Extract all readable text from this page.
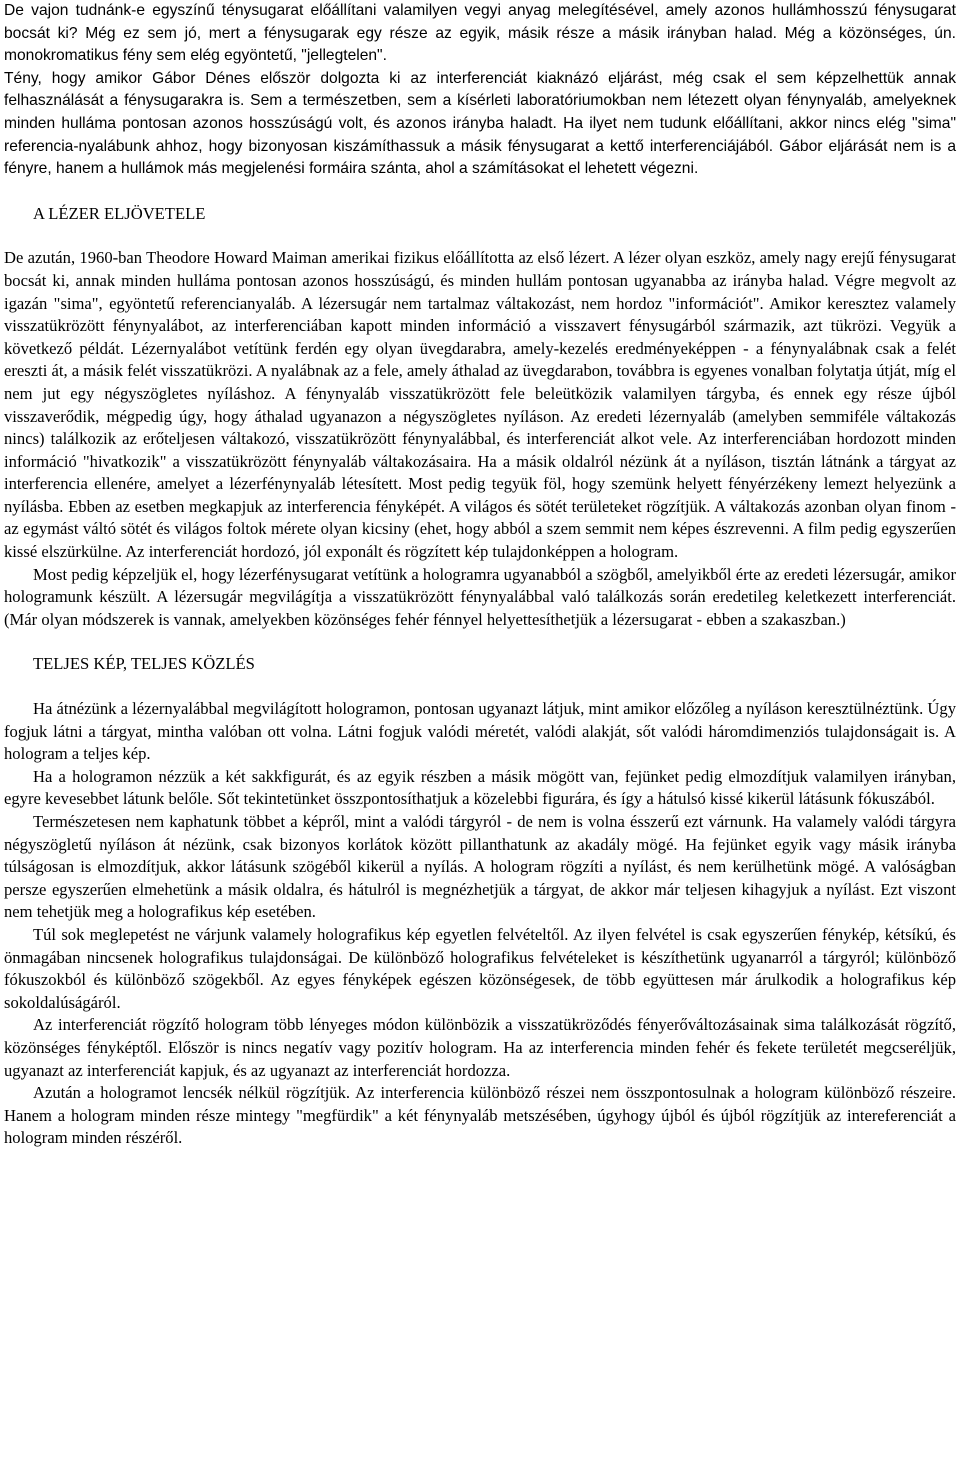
De vajon tudnánk-e egyszínű ténysugarat előállítani valamilyen vegyi anyag melegítésével, amely azonos hullámhosszú fénysugarat bocsát ki? Még ez sem jó, mert a fénysugarak egy része az egyik, másik része a másik irányban halad. Még a közönséges, ún. monokromatikus fény sem elég egyöntetű, "jellegtelen".

Tény, hogy amikor Gábor Dénes először dolgozta ki az interferenciát kiaknázó eljárást, még csak el sem képzelhettük annak felhasználását a fénysugarakra is. Sem a természetben, sem a kísérleti laboratóriumokban nem létezett olyan fénynyaláb, amelyeknek minden hulláma pontosan azonos hosszúságú volt, és azonos irányba haladt. Ha ilyet nem tudunk előállítani, akkor nincs elég "sima" referencia-nyalábunk ahhoz, hogy bizonyosan kiszámíthassuk a másik fénysugarat a kettő interferenciájából. Gábor eljárását nem is a fényre, hanem a hullámok más megjelenési formáira szánta, ahol a számításokat el lehetett végezni.

A LÉZER ELJÖVETELE

De azután, 1960-ban Theodore Howard Maiman amerikai fizikus előállította az első lézert. A lézer olyan eszköz, amely nagy erejű fénysugarat bocsát ki, annak minden hulláma pontosan azonos hosszúságú, és minden hullám pontosan ugyanabba az irányba halad. Végre megvolt az igazán "sima", egyöntetű referencianyaláb. A lézersugár nem tartalmaz váltakozást, nem hordoz "információt". Amikor keresztez valamely visszatükrözött fénynyalábot, az interferenciában kapott minden információ a visszavert fénysugárból származik, azt tükrözi. Vegyük a következő példát. Lézernyalábot vetítünk ferdén egy olyan üvegdarabra, amely-kezelés eredményeképpen - a fénynyalábnak csak a felét ereszti át, a másik felét visszatükrözi. A nyalábnak az a fele, amely áthalad az üvegdarabon, továbbra is egyenes vonalban folytatja útját, míg el nem jut egy négyszögletes nyíláshoz. A fénynyaláb visszatükrözött fele beleütközik valamilyen tárgyba, és ennek egy része újból visszaverődik, mégpedig úgy, hogy áthalad ugyanazon a négyszögletes nyíláson. Az eredeti lézernyaláb (amelyben semmiféle váltakozás nincs) találkozik az erőteljesen váltakozó, visszatükrözött fénynyalábbal, és interferenciát alkot vele. Az interferenciában hordozott minden információ "hivatkozik" a visszatükrözött fénynyaláb váltakozásaira. Ha a másik oldalról nézünk át a nyíláson, tisztán látnánk a tárgyat az interferencia ellenére, amelyet a lézerfénynyaláb létesített. Most pedig tegyük föl, hogy szemünk helyett fényérzékeny lemezt helyezünk a nyílásba. Ebben az esetben megkapjuk az interferencia fényképét. A világos és sötét területeket rögzítjük. A váltakozás azonban olyan finom - az egymást váltó sötét és világos foltok mérete olyan kicsiny (ehet, hogy abból a szem semmit nem képes észrevenni. A film pedig egyszerűen kissé elszürkülne. Az interferenciát hordozó, jól exponált és rögzített kép tulajdonképpen a hologram.

Most pedig képzeljük el, hogy lézerfénysugarat vetítünk a hologramra ugyanabból a szögből, amelyikből érte az eredeti lézersugár, amikor hologramunk készült. A lézersugár megvilágítja a visszatükrözött fénynyalábbal való találkozás során eredetileg keletkezett interferenciát. (Már olyan módszerek is vannak, amelyekben közönséges fehér fénnyel helyettesíthetjük a lézersugarat - ebben a szakaszban.)

TELJES KÉP, TELJES KÖZLÉS

Ha átnézünk a lézernyalábbal megvilágított hologramon, pontosan ugyanazt látjuk, mint amikor előzőleg a nyíláson keresztülnéztünk. Úgy fogjuk látni a tárgyat, mintha valóban ott volna. Látni fogjuk valódi méretét, valódi alakját, sőt valódi háromdimenziós tulajdonságait is. A hologram a teljes kép.

Ha a hologramon nézzük a két sakkfigurát, és az egyik részben a másik mögött van, fejünket pedig elmozdítjuk valamilyen irányban, egyre kevesebbet látunk belőle. Sőt tekintetünket összpontosíthatjuk a közelebbi figurára, és így a hátulsó kissé kikerül látásunk fókuszából.

Természetesen nem kaphatunk többet a képről, mint a valódi tárgyról - de nem is volna ésszerű ezt várnunk. Ha valamely valódi tárgyra négyszögletű nyíláson át nézünk, csak bizonyos korlátok között pillanthatunk az akadály mögé. Ha fejünket egyik vagy másik irányba túlságosan is elmozdítjuk, akkor látásunk szögéből kikerül a nyílás. A hologram rögzíti a nyílást, és nem kerülhetünk mögé. A valóságban persze egyszerűen elmehetünk a másik oldalra, és hátulról is megnézhetjük a tárgyat, de akkor már teljesen kihagyjuk a nyílást. Ezt viszont nem tehetjük meg a holografikus kép esetében.

Túl sok meglepetést ne várjunk valamely holografikus kép egyetlen felvételtől. Az ilyen felvétel is csak egyszerűen fénykép, kétsíkú, és önmagában nincsenek holografikus tulajdonságai. De különböző holografikus felvételeket is készíthetünk ugyanarról a tárgyról; különböző fókuszokból és különböző szögekből. Az egyes fényképek egészen közönségesek, de több együttesen már árulkodik a holografikus kép sokoldalúságáról.

Az interferenciát rögzítő hologram több lényeges módon különbözik a visszatükröződés fényerőváltozásainak sima találkozását rögzítő, közönséges fényképtől. Először is nincs negatív vagy pozitív hologram. Ha az interferencia minden fehér és fekete területét megcseréljük, ugyanazt az interferenciát kapjuk, és az ugyanazt az interferenciát hordozza.

Azután a hologramot lencsék nélkül rögzítjük. Az interferencia különböző részei nem összpontosulnak a hologram különböző részeire. Hanem a hologram minden része mintegy "megfürdik" a két fénynyaláb metszésében, úgyhogy újból és újból rögzítjük az intereferenciát a hologram minden részéről.
